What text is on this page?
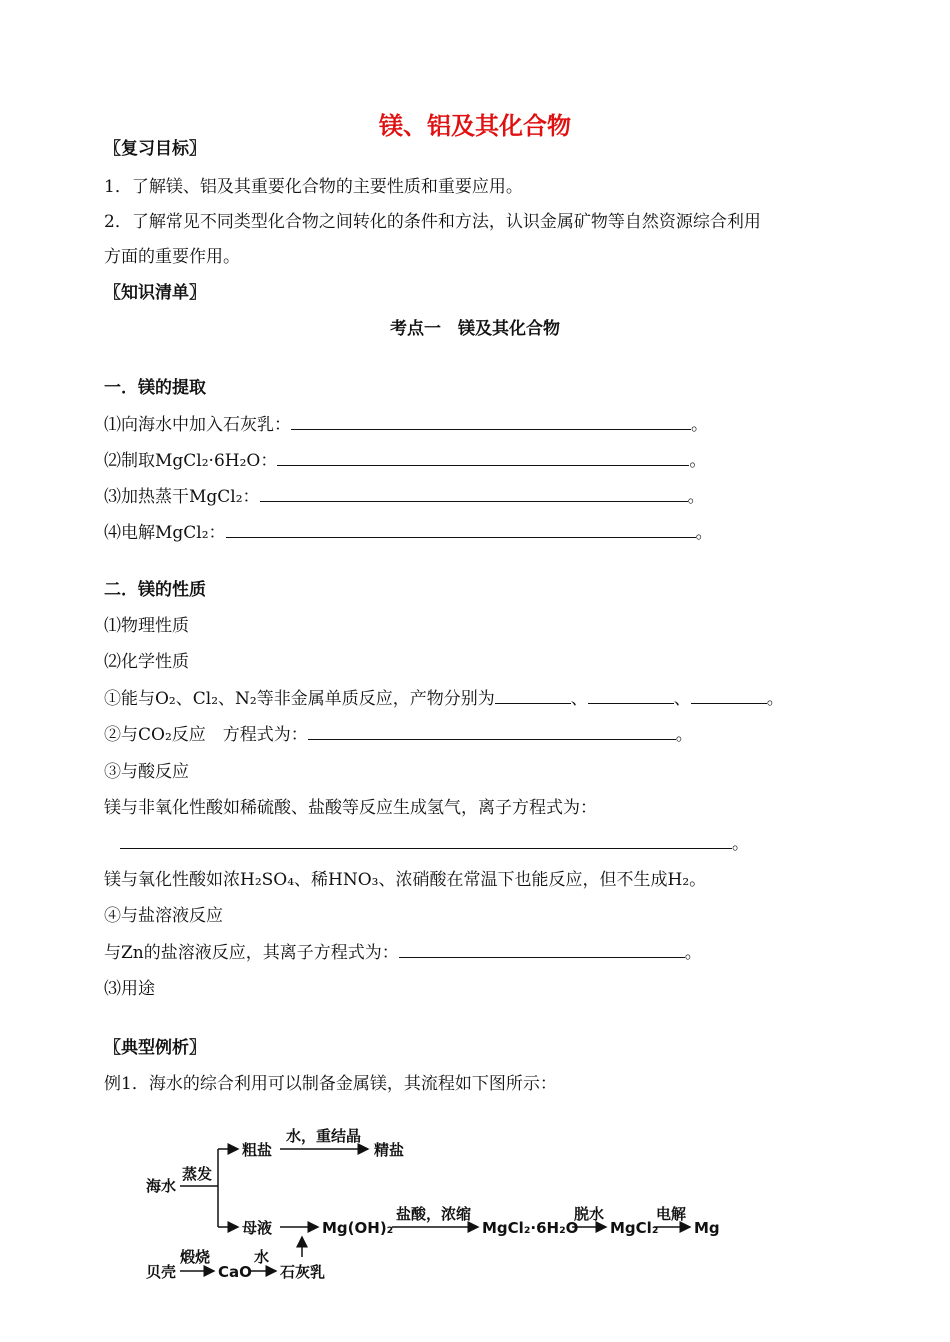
镁、铝及其化合物
〖复习目标〗
1．了解镁、铝及其重要化合物的主要性质和重要应用。
2．了解常见不同类型化合物之间转化的条件和方法，认识金属矿物等自然资源综合利用
方面的重要作用。
〖知识清单〗
考点一　镁及其化合物
一．镁的提取
⑴向海水中加入石灰乳：	。
⑵制取MgCl₂·6H₂O：	。
⑶加热蒸干MgCl₂：	。
⑷电解MgCl₂：	。
二．镁的性质
⑴物理性质
⑵化学性质
①能与O₂、Cl₂、N₂等非金属单质反应，产物分别为	、	、	。
②与CO₂反应　方程式为：	。
③与酸反应
镁与非氧化性酸如稀硫酸、盐酸等反应生成氢气，离子方程式为：
。
镁与氧化性酸如浓H₂SO₄、稀HNO₃、浓硝酸在常温下也能反应，但不生成H₂。
④与盐溶液反应
与Zn的盐溶液反应，其离子方程式为：	。
⑶用途
〖典型例析〗
例1．海水的综合利用可以制备金属镁，其流程如下图所示：
海水
蒸发
粗盐
水，重结晶
精盐
母液	Mg(OH)₂
盐酸，浓缩
MgCl₂·6H₂O
脱水
MgCl₂
电解
Mg
贝壳
煅烧
CaO
水
石灰乳
